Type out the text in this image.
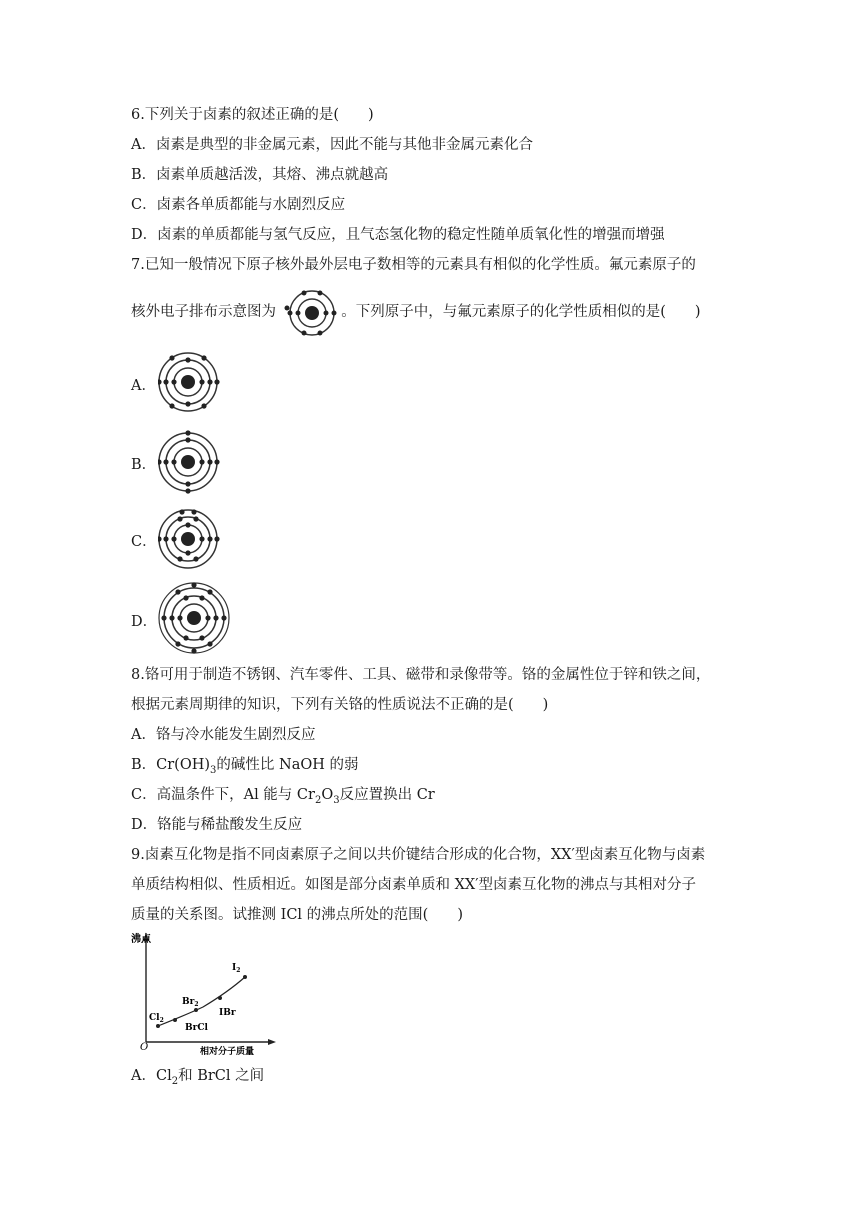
6.下列关于卤素的叙述正确的是(　　)
A．卤素是典型的非金属元素，因此不能与其他非金属元素化合
B．卤素单质越活泼，其熔、沸点就越高
C．卤素各单质都能与水剧烈反应
D．卤素的单质都能与氢气反应，且气态氢化物的稳定性随单质氧化性的增强而增强
7.已知一般情况下原子核外最外层电子数相等的元素具有相似的化学性质。氟元素原子的
核外电子排布示意图为	。下列原子中，与氟元素原子的化学性质相似的是(　　)
A．
B．
C．
D．
8.铬可用于制造不锈钢、汽车零件、工具、磁带和录像带等。铬的金属性位于锌和铁之间，
根据元素周期律的知识，下列有关铬的性质说法不正确的是(　　)
A．铬与冷水能发生剧烈反应
B．$Cr(OH)_3$的碱性比 NaOH 的弱
C．高温条件下，Al 能与 $Cr_2O_3$反应置换出 Cr
D．铬能与稀盐酸发生反应
9.卤素互化物是指不同卤素原子之间以共价键结合形成的化合物，XX′型卤素互化物与卤素
单质结构相似、性质相近。如图是部分卤素单质和 XX′型卤素互化物的沸点与其相对分子
质量的关系图。试推测 ICl 的沸点所处的范围(　　)
沸点
O	相对分子质量
$Cl_2$
BrCl
$Br_2$
IBr
$I_2$
A．$Cl_2$和 BrCl 之间
